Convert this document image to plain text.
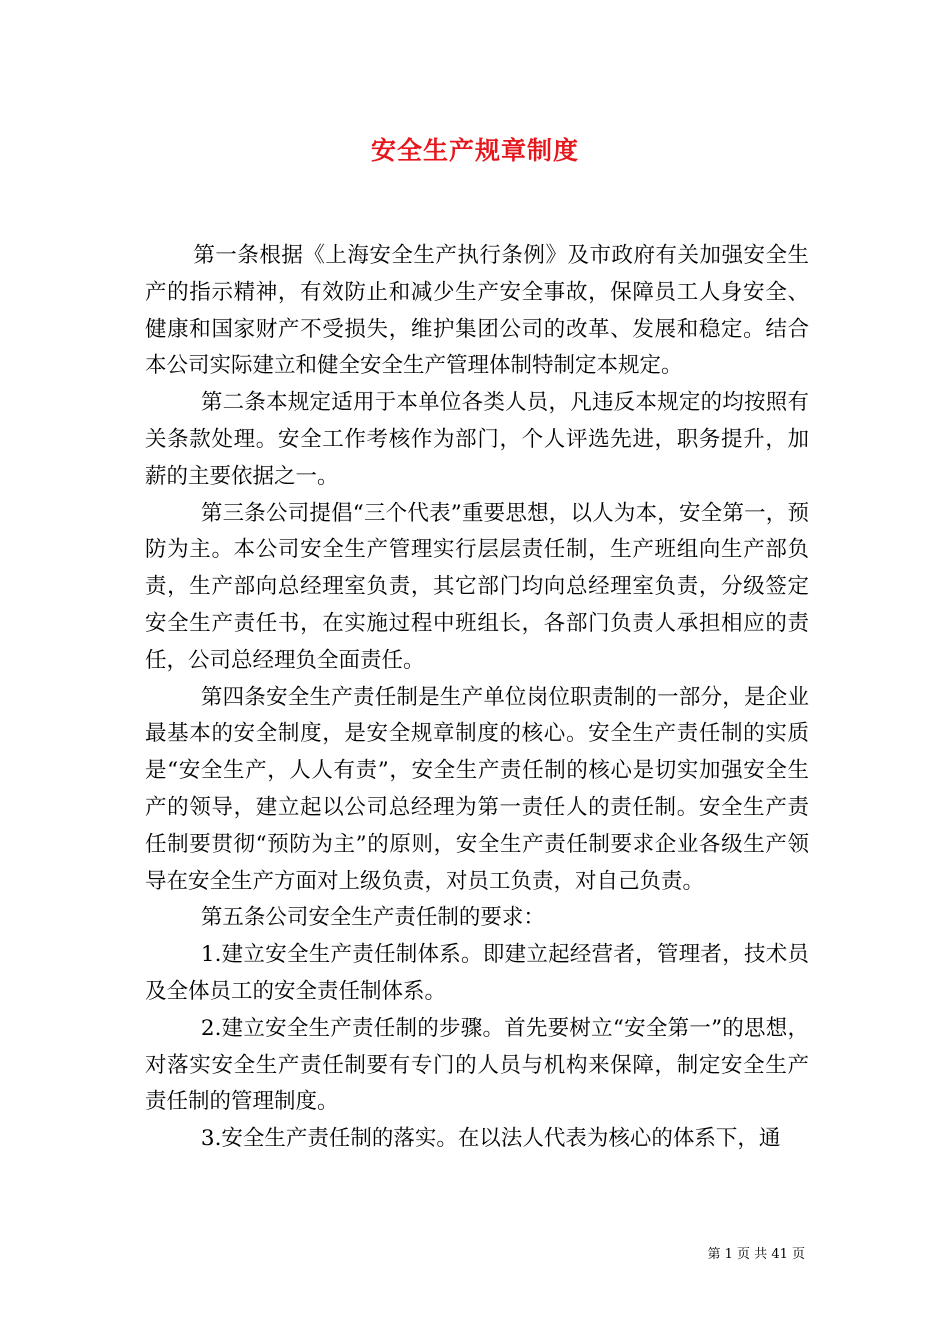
安全生产规章制度

第一条根据《上海安全生产执行条例》及市政府有关加强安全生产的指示精神，有效防止和减少生产安全事故，保障员工人身安全、健康和国家财产不受损失，维护集团公司的改革、发展和稳定。结合本公司实际建立和健全安全生产管理体制特制定本规定。

第二条本规定适用于本单位各类人员，凡违反本规定的均按照有关条款处理。安全工作考核作为部门，个人评选先进，职务提升，加薪的主要依据之一。

第三条公司提倡“三个代表”重要思想，以人为本，安全第一，预防为主。本公司安全生产管理实行层层责任制，生产班组向生产部负责，生产部向总经理室负责，其它部门均向总经理室负责，分级签定安全生产责任书，在实施过程中班组长，各部门负责人承担相应的责任，公司总经理负全面责任。

第四条安全生产责任制是生产单位岗位职责制的一部分，是企业最基本的安全制度，是安全规章制度的核心。安全生产责任制的实质是“安全生产，人人有责”，安全生产责任制的核心是切实加强安全生产的领导，建立起以公司总经理为第一责任人的责任制。安全生产责任制要贯彻“预防为主”的原则，安全生产责任制要求企业各级生产领导在安全生产方面对上级负责，对员工负责，对自己负责。

第五条公司安全生产责任制的要求：

1.建立安全生产责任制体系。即建立起经营者，管理者，技术员及全体员工的安全责任制体系。

2.建立安全生产责任制的步骤。首先要树立“安全第一”的思想，对落实安全生产责任制要有专门的人员与机构来保障，制定安全生产责任制的管理制度。

3.安全生产责任制的落实。在以法人代表为核心的体系下，通

第 1 页 共 41 页
